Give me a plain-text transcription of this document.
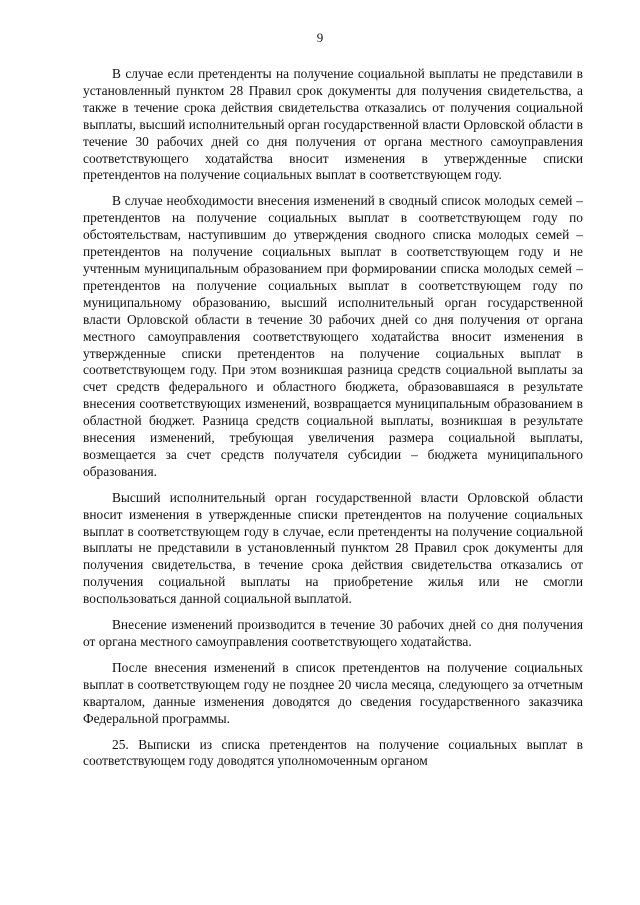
9

В случае если претенденты на получение социальной выплаты не представили в установленный пунктом 28 Правил срок документы для получения свидетельства, а также в течение срока действия свидетельства отказались от получения социальной выплаты, высший исполнительный орган государственной власти Орловской области в течение 30 рабочих дней со дня получения от органа местного самоуправления соответствующего ходатайства вносит изменения в утвержденные списки претендентов на получение социальных выплат в соответствующем году.

В случае необходимости внесения изменений в сводный список молодых семей – претендентов на получение социальных выплат в соответствующем году по обстоятельствам, наступившим до утверждения сводного списка молодых семей – претендентов на получение социальных выплат в соответствующем году и не учтенным муниципальным образованием при формировании списка молодых семей – претендентов на получение социальных выплат в соответствующем году по муниципальному образованию, высший исполнительный орган государственной власти Орловской области в течение 30 рабочих дней со дня получения от органа местного самоуправления соответствующего ходатайства вносит изменения в утвержденные списки претендентов на получение социальных выплат в соответствующем году. При этом возникшая разница средств социальной выплаты за счет средств федерального и областного бюджета, образовавшаяся в результате внесения соответствующих изменений, возвращается муниципальным образованием в областной бюджет. Разница средств социальной выплаты, возникшая в результате внесения изменений, требующая увеличения размера социальной выплаты, возмещается за счет средств получателя субсидии – бюджета муниципального образования.

Высший исполнительный орган государственной власти Орловской области вносит изменения в утвержденные списки претендентов на получение социальных выплат в соответствующем году в случае, если претенденты на получение социальной выплаты не представили в установленный пунктом 28 Правил срок документы для получения свидетельства, в течение срока действия свидетельства отказались от получения социальной выплаты на приобретение жилья или не смогли воспользоваться данной социальной выплатой.

Внесение изменений производится в течение 30 рабочих дней со дня получения от органа местного самоуправления соответствующего ходатайства.

После внесения изменений в список претендентов на получение социальных выплат в соответствующем году не позднее 20 числа месяца, следующего за отчетным кварталом, данные изменения доводятся до сведения государственного заказчика Федеральной программы.

25. Выписки из списка претендентов на получение социальных выплат в соответствующем году доводятся уполномоченным органом
